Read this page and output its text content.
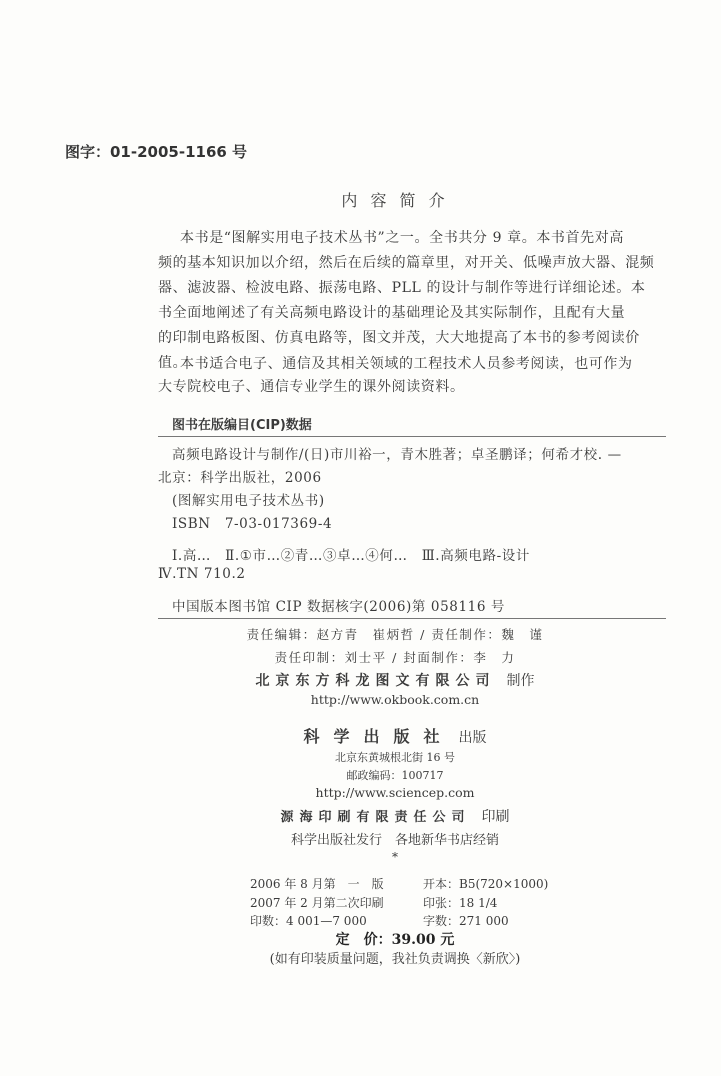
图字：01-2005-1166 号
内 容 简 介
本书是“图解实用电子技术丛书”之一。全书共分 9 章。本书首先对高
频的基本知识加以介绍，然后在后续的篇章里，对开关、低噪声放大器、混频
器、滤波器、检波电路、振荡电路、PLL 的设计与制作等进行详细论述。本
书全面地阐述了有关高频电路设计的基础理论及其实际制作，且配有大量
的印制电路板图、仿真电路等，图文并茂，大大地提高了本书的参考阅读价
值。
本书适合电子、通信及其相关领域的工程技术人员参考阅读，也可作为
大专院校电子、通信专业学生的课外阅读资料。
图书在版编目(CIP)数据
高频电路设计与制作/(日)市川裕一，青木胜著；卓圣鹏译；何希才校. —
北京：科学出版社，2006
(图解实用电子技术丛书)
ISBN　7-03-017369-4
Ⅰ.高…　Ⅱ.①市…②青…③卓…④何…　Ⅲ.高频电路-设计
Ⅳ.TN 710.2
中国版本图书馆 CIP 数据核字(2006)第 058116 号
责任编辑：赵方青　崔炳哲 / 责任制作：魏　谨
责任印制：刘士平 / 封面制作：李　力
北京东方科龙图文有限公司 制作
http://www.okbook.com.cn
科学出版社 出版
北京东黄城根北街 16 号
邮政编码：100717
http://www.sciencep.com
源海印刷有限责任公司 印刷
科学出版社发行　各地新华书店经销
*
2006 年 8 月第　一　版
2007 年 2 月第二次印刷
印数：4 001—7 000
开本：B5(720×1000)
印张：18 1/4
字数：271 000
定　价：39.00 元
(如有印装质量问题，我社负责调换〈新欣〉)
